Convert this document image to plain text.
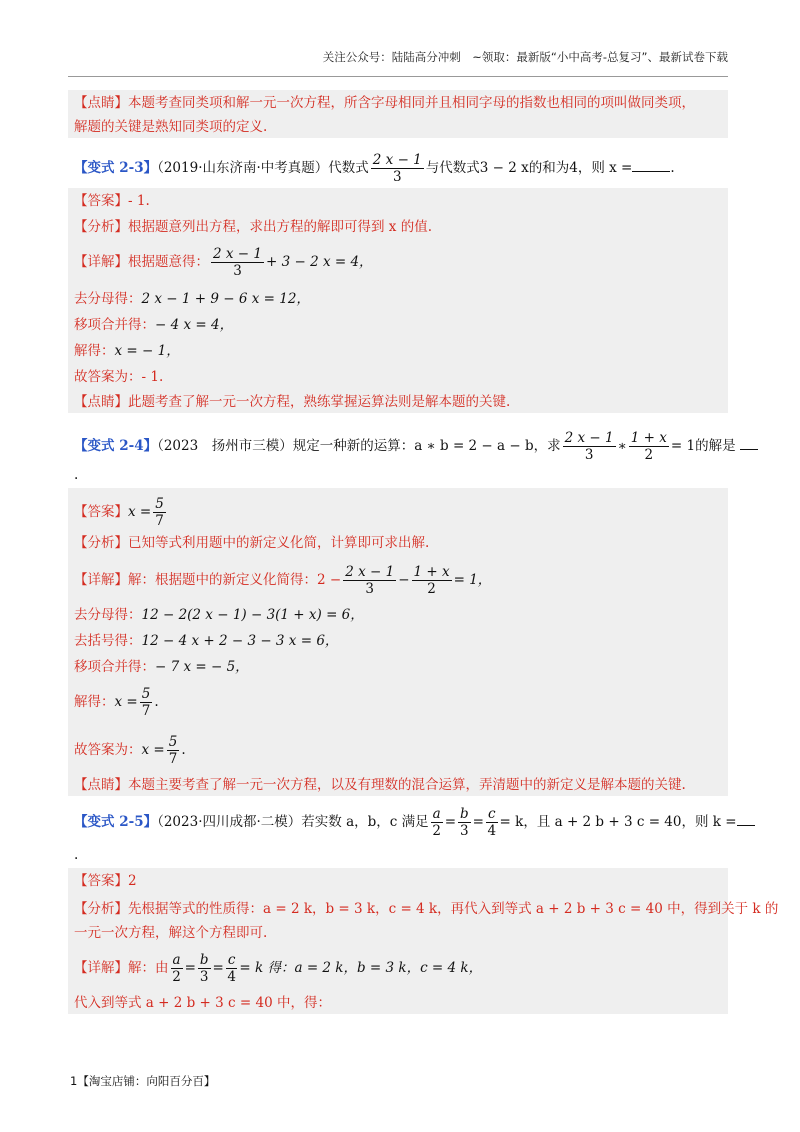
关注公众号：陆陆高分冲刺　~领取：最新版“小中高考-总复习”、最新试卷下载
【点睛】本题考查同类项和解一元一次方程，所含字母相同并且相同字母的指数也相同的项叫做同类项，
解题的关键是熟知同类项的定义.
【变式 2-3】（2019·山东济南·中考真题）代数式 $\frac{2 x - 1}{3}$ 与代数式3 − 2 x的和为4，则 x =	.
【答案】- 1.
【分析】根据题意列出方程，求出方程的解即可得到 x 的值.
【详解】根据题意得： $\frac{2 x - 1}{3} + 3 - 2$ x = 4，
去分母得：2 x − 1 + 9 − 6 x = 12，
移项合并得：− 4 x = 4，
解得：x = − 1，
故答案为：- 1.
【点睛】此题考查了解一元一次方程，熟练掌握运算法则是解本题的关键.
【变式 2-4】（2023　扬州市三模）规定一种新的运算：a ∗ b = 2 − a − b，求 $\frac{2 x - 1}{3}$ ∗ $\frac{1 + x}{2} = 1$的解是
.
【答案】$x = \frac{5}{7}$
【分析】已知等式利用题中的新定义化简，计算即可求出解.
【详解】解：根据题中的新定义化简得：$2 - \frac{2 x - 1}{3} - \frac{1 + x}{2} = 1$，
去分母得：12 − 2(2 x − 1) − 3(1 + x) = 6，
去括号得：12 − 4 x + 2 − 3 − 3 x = 6，
移项合并得：− 7 x = − 5，
解得：$x = \frac{5}{7}$ .
故答案为：$x = \frac{5}{7}$ .
【点睛】本题主要考查了解一元一次方程，以及有理数的混合运算，弄清题中的新定义是解本题的关键.
【变式 2-5】（2023·四川成都·二模）若实数 a，b，c 满足 $\frac{a}{2} = \frac{b}{3} = \frac{c}{4} = k$，且 a + 2 b + 3 c = 40，则 k =
.
【答案】2
【分析】先根据等式的性质得：a = 2 k，b = 3 k，c = 4 k，再代入到等式 a + 2 b + 3 c = 40 中，得到关于 k 的
一元一次方程，解这个方程即可.
【详解】解：由 $\frac{a}{2} = \frac{b}{3} = \frac{c}{4} = k$ 得：a = 2 k，b = 3 k，c = 4 k，
代入到等式 a + 2 b + 3 c = 40 中，得：
1【淘宝店铺：向阳百分百】
